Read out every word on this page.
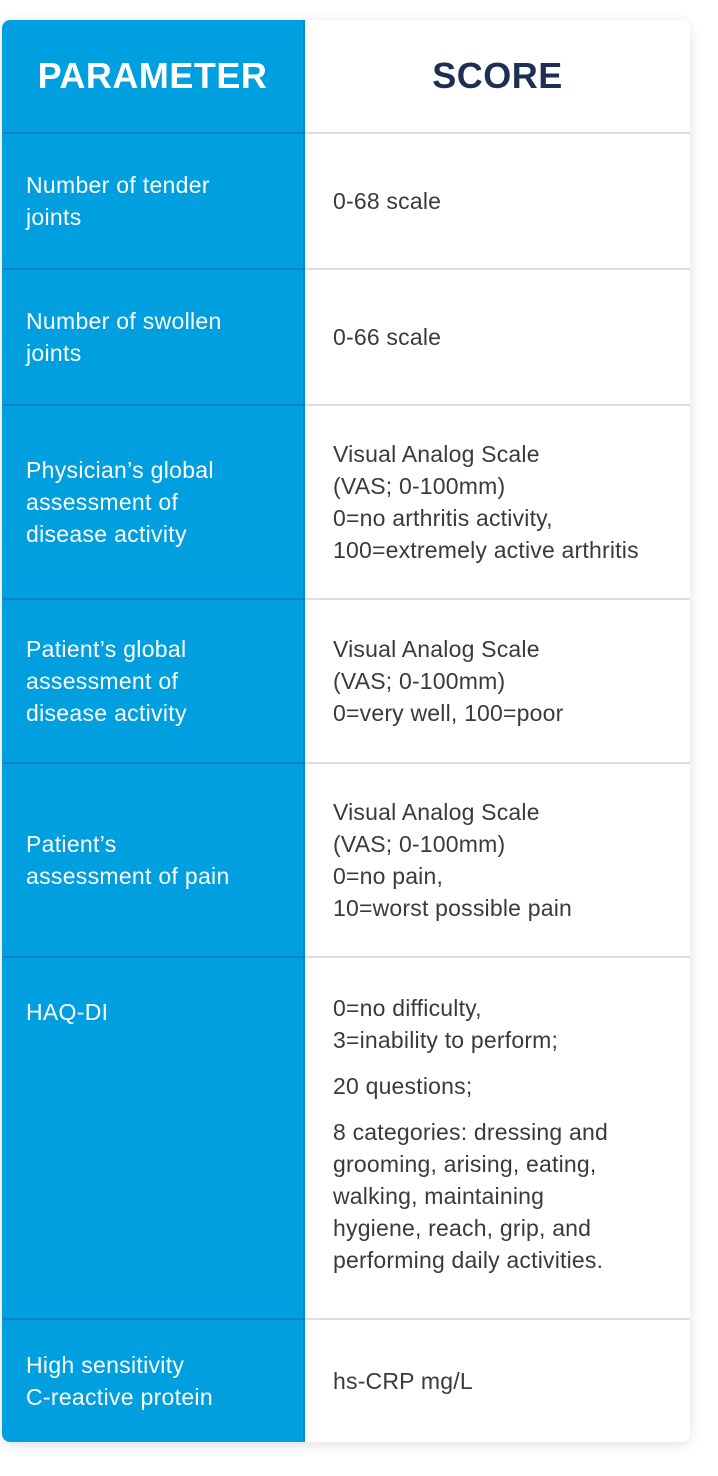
PARAMETER	SCORE
Number of tender
joints
0-68 scale
Number of swollen
joints
0-66 scale
Physician’s global
assessment of
disease activity
Visual Analog Scale
(VAS; 0-100mm)
0=no arthritis activity,
100=extremely active arthritis
Patient’s global
assessment of
disease activity
Visual Analog Scale
(VAS; 0-100mm)
0=very well, 100=poor
Patient’s
assessment of pain
Visual Analog Scale
(VAS; 0-100mm)
0=no pain,
10=worst possible pain
HAQ-DI	0=no difficulty,
3=inability to perform;
20 questions;
8 categories: dressing and
grooming, arising, eating,
walking, maintaining
hygiene, reach, grip, and
performing daily activities.
High sensitivity
C-reactive protein
hs-CRP mg/L
